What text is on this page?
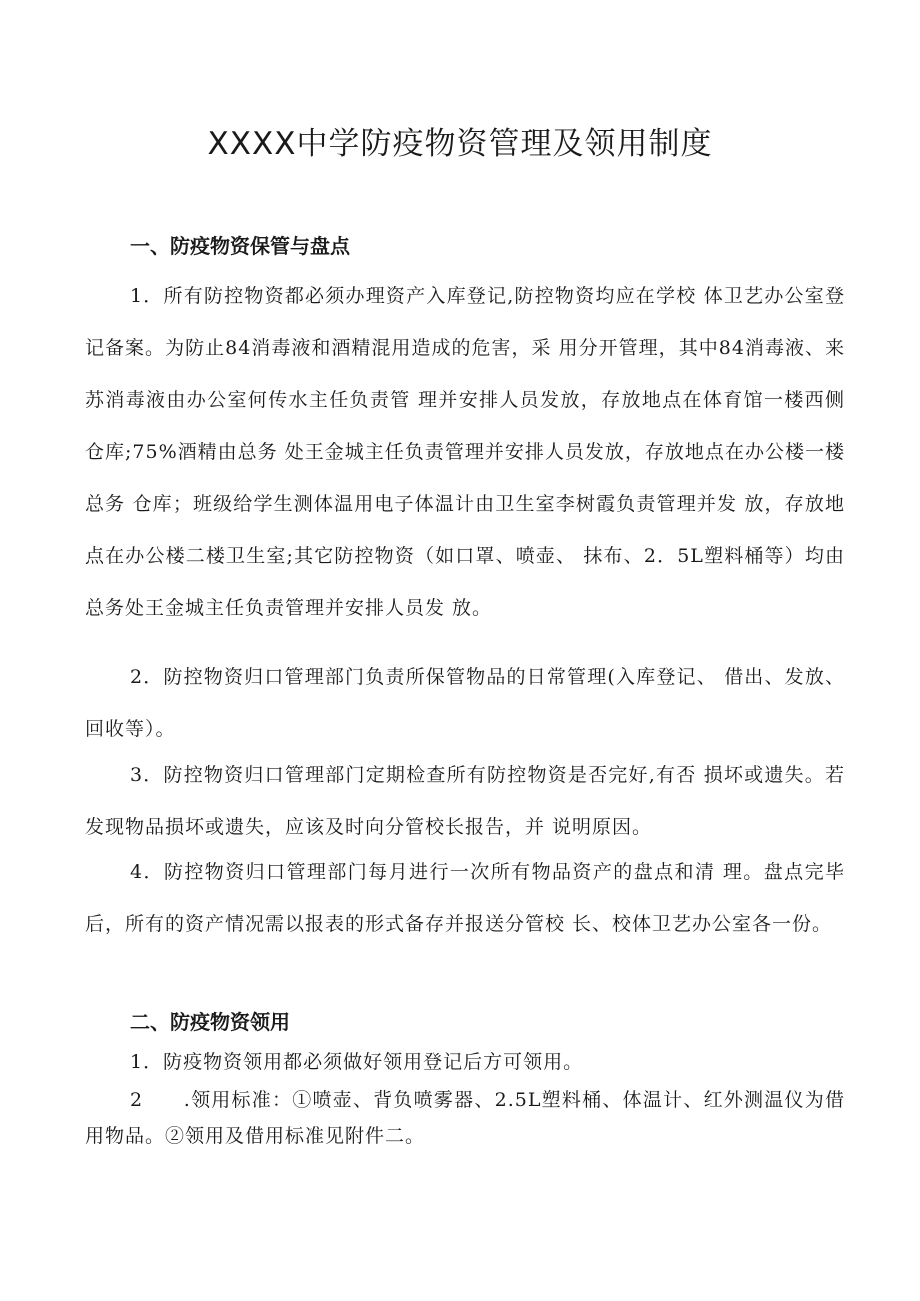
XXXX中学防疫物资管理及领用制度
一、防疫物资保管与盘点

1．所有防控物资都必须办理资产入库登记,防控物资均应在学校 体卫艺办公室登记备案。为防止84消毒液和酒精混用造成的危害，采 用分开管理，其中84消毒液、来苏消毒液由办公室何传水主任负责管 理并安排人员发放，存放地点在体育馆一楼西侧仓库;75%酒精由总务 处王金城主任负责管理并安排人员发放，存放地点在办公楼一楼总务 仓库；班级给学生测体温用电子体温计由卫生室李树霞负责管理并发 放，存放地点在办公楼二楼卫生室;其它防控物资（如口罩、喷壶、 抹布、2．5L塑料桶等）均由总务处王金城主任负责管理并安排人员发 放。

2．防控物资归口管理部门负责所保管物品的日常管理(入库登记、 借出、发放、回收等）。

3．防控物资归口管理部门定期检查所有防控物资是否完好,有否 损坏或遗失。若发现物品损坏或遗失，应该及时向分管校长报告，并 说明原因。

4．防控物资归口管理部门每月进行一次所有物品资产的盘点和清 理。盘点完毕后，所有的资产情况需以报表的形式备存并报送分管校 长、校体卫艺办公室各一份。

二、防疫物资领用

1．防疫物资领用都必须做好领用登记后方可领用。

2　　.领用标准：①喷壶、背负喷雾器、2.5L塑料桶、体温计、红外测温仪为借用物品。②领用及借用标准见附件二。
